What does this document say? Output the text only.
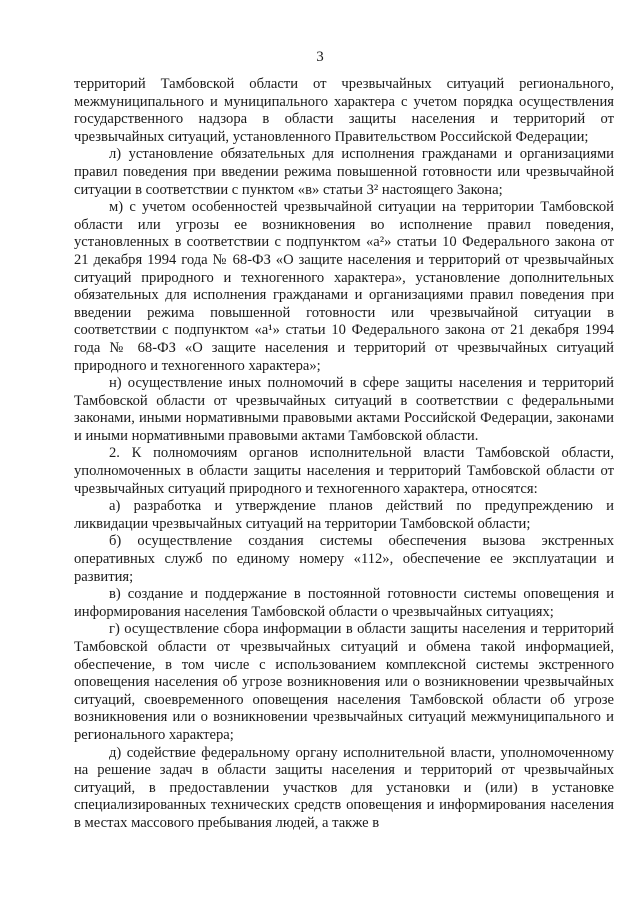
3

территорий Тамбовской области от чрезвычайных ситуаций регионального, межмуниципального и муниципального характера с учетом порядка осуществления государственного надзора в области защиты населения и территорий от чрезвычайных ситуаций, установленного Правительством Российской Федерации;

л) установление обязательных для исполнения гражданами и организациями правил поведения при введении режима повышенной готовности или чрезвычайной ситуации в соответствии с пунктом «в» статьи 3² настоящего Закона;

м) с учетом особенностей чрезвычайной ситуации на территории Тамбовской области или угрозы ее возникновения во исполнение правил поведения, установленных в соответствии с подпунктом «а²» статьи 10 Федерального закона от 21 декабря 1994 года № 68-ФЗ «О защите населения и территорий от чрезвычайных ситуаций природного и техногенного характера», установление дополнительных обязательных для исполнения гражданами и организациями правил поведения при введении режима повышенной готовности или чрезвычайной ситуации в соответствии с подпунктом «а¹» статьи 10 Федерального закона от 21 декабря 1994 года № 68-ФЗ «О защите населения и территорий от чрезвычайных ситуаций природного и техногенного характера»;

н) осуществление иных полномочий в сфере защиты населения и территорий Тамбовской области от чрезвычайных ситуаций в соответствии с федеральными законами, иными нормативными правовыми актами Российской Федерации, законами и иными нормативными правовыми актами Тамбовской области.

2. К полномочиям органов исполнительной власти Тамбовской области, уполномоченных в области защиты населения и территорий Тамбовской области от чрезвычайных ситуаций природного и техногенного характера, относятся:

а) разработка и утверждение планов действий по предупреждению и ликвидации чрезвычайных ситуаций на территории Тамбовской области;

б) осуществление создания системы обеспечения вызова экстренных оперативных служб по единому номеру «112», обеспечение ее эксплуатации и развития;

в) создание и поддержание в постоянной готовности системы оповещения и информирования населения Тамбовской области о чрезвычайных ситуациях;

г) осуществление сбора информации в области защиты населения и территорий Тамбовской области от чрезвычайных ситуаций и обмена такой информацией, обеспечение, в том числе с использованием комплексной системы экстренного оповещения населения об угрозе возникновения или о возникновении чрезвычайных ситуаций, своевременного оповещения населения Тамбовской области об угрозе возникновения или о возникновении чрезвычайных ситуаций межмуниципального и регионального характера;

д) содействие федеральному органу исполнительной власти, уполномоченному на решение задач в области защиты населения и территорий от чрезвычайных ситуаций, в предоставлении участков для установки и (или) в установке специализированных технических средств оповещения и информирования населения в местах массового пребывания людей, а также в
